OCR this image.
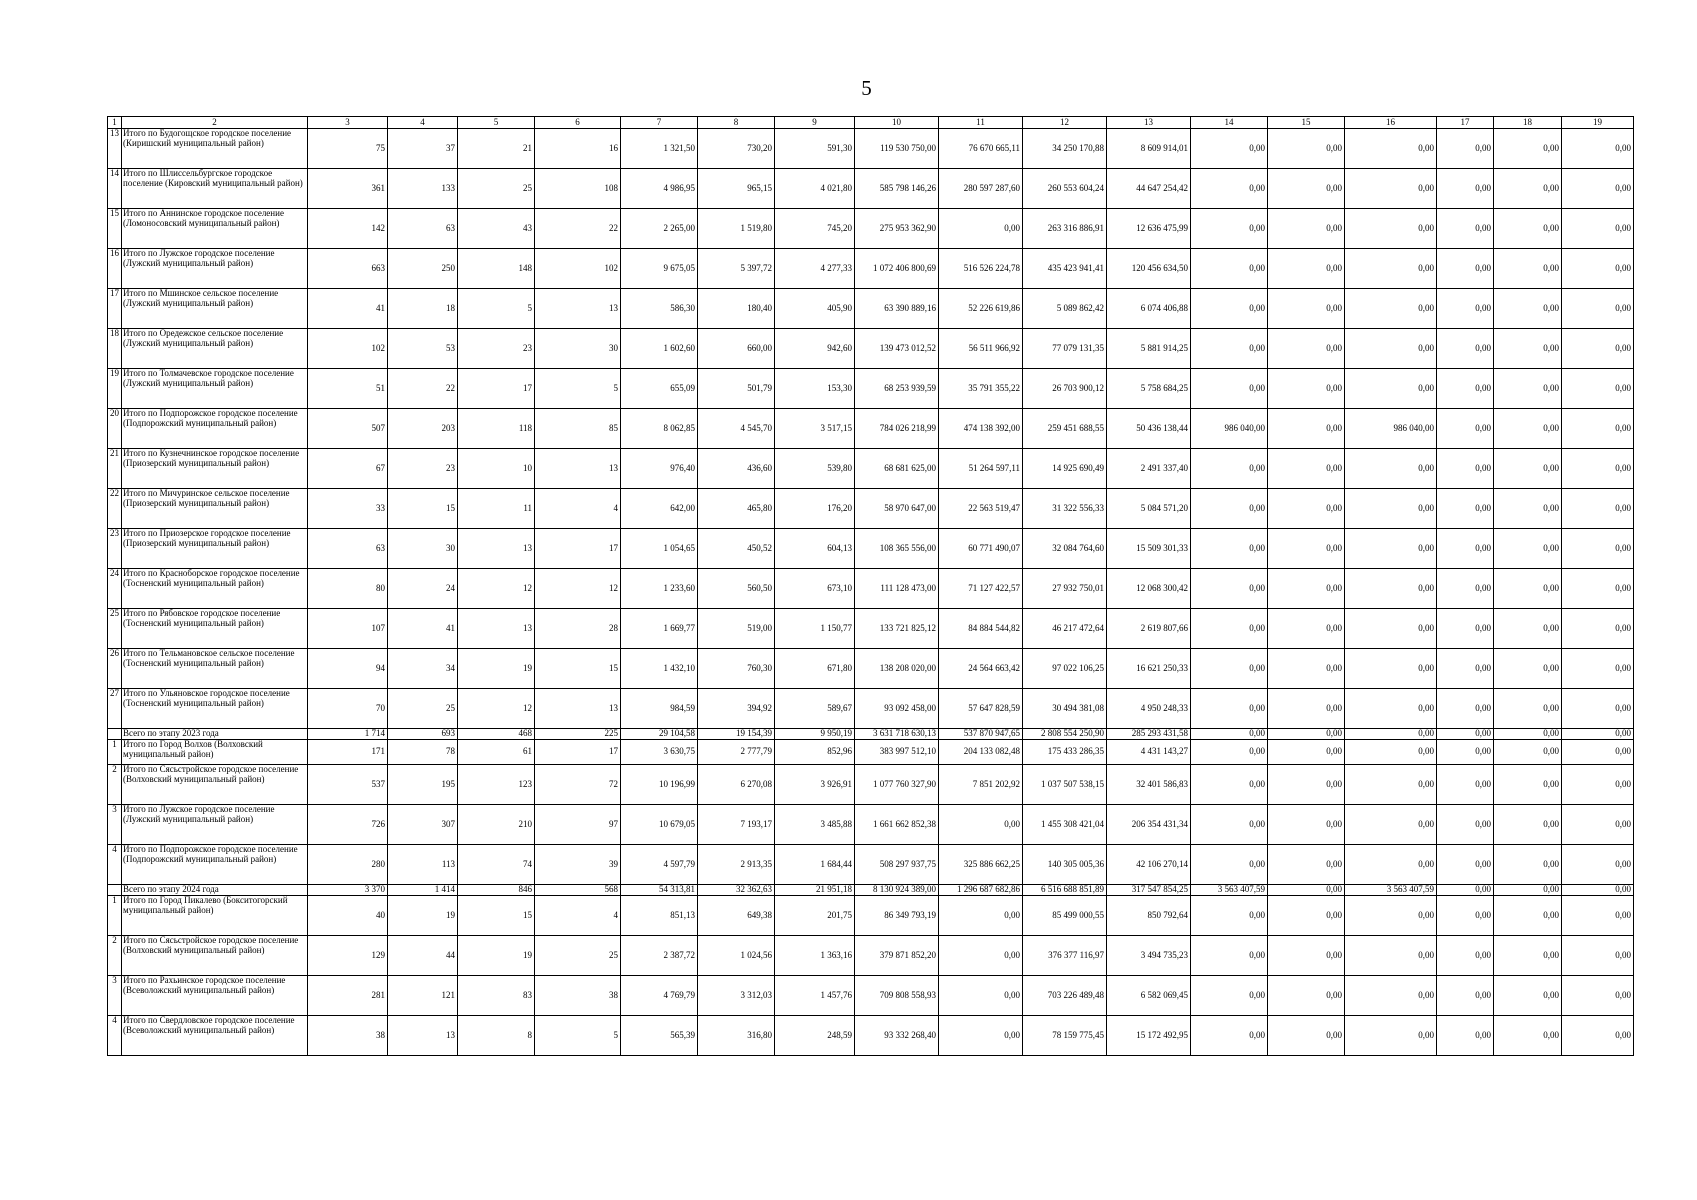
5
1	2	3	4	5	6	7	8	9	10	11	12	13	14	15	16	17	18	19
13	Итого по Будогощское городское поселение (Киришский муниципальный район)	75	37	21	16	1 321,50	730,20	591,30	119 530 750,00	76 670 665,11	34 250 170,88	8 609 914,01	0,00	0,00	0,00	0,00	0,00	0,00
14	Итого по Шлиссельбургское городское поселение (Кировский муниципальный район)	361	133	25	108	4 986,95	965,15	4 021,80	585 798 146,26	280 597 287,60	260 553 604,24	44 647 254,42	0,00	0,00	0,00	0,00	0,00	0,00
15	Итого по Аннинское городское поселение (Ломоносовский муниципальный район)	142	63	43	22	2 265,00	1 519,80	745,20	275 953 362,90	0,00	263 316 886,91	12 636 475,99	0,00	0,00	0,00	0,00	0,00	0,00
16	Итого по Лужское городское поселение (Лужский муниципальный район)	663	250	148	102	9 675,05	5 397,72	4 277,33	1 072 406 800,69	516 526 224,78	435 423 941,41	120 456 634,50	0,00	0,00	0,00	0,00	0,00	0,00
17	Итого по Мшинское сельское поселение (Лужский муниципальный район)	41	18	5	13	586,30	180,40	405,90	63 390 889,16	52 226 619,86	5 089 862,42	6 074 406,88	0,00	0,00	0,00	0,00	0,00	0,00
18	Итого по Оредежское сельское поселение (Лужский муниципальный район)	102	53	23	30	1 602,60	660,00	942,60	139 473 012,52	56 511 966,92	77 079 131,35	5 881 914,25	0,00	0,00	0,00	0,00	0,00	0,00
19	Итого по Толмачевское городское поселение (Лужский муниципальный район)	51	22	17	5	655,09	501,79	153,30	68 253 939,59	35 791 355,22	26 703 900,12	5 758 684,25	0,00	0,00	0,00	0,00	0,00	0,00
20	Итого по Подпорожское городское поселение (Подпорожский муниципальный район)	507	203	118	85	8 062,85	4 545,70	3 517,15	784 026 218,99	474 138 392,00	259 451 688,55	50 436 138,44	986 040,00	0,00	986 040,00	0,00	0,00	0,00
21	Итого по Кузнечнинское городское поселение (Приозерский муниципальный район)	67	23	10	13	976,40	436,60	539,80	68 681 625,00	51 264 597,11	14 925 690,49	2 491 337,40	0,00	0,00	0,00	0,00	0,00	0,00
22	Итого по Мичуринское сельское поселение (Приозерский муниципальный район)	33	15	11	4	642,00	465,80	176,20	58 970 647,00	22 563 519,47	31 322 556,33	5 084 571,20	0,00	0,00	0,00	0,00	0,00	0,00
23	Итого по Приозерское городское поселение (Приозерский муниципальный район)	63	30	13	17	1 054,65	450,52	604,13	108 365 556,00	60 771 490,07	32 084 764,60	15 509 301,33	0,00	0,00	0,00	0,00	0,00	0,00
24	Итого по Красноборское городское поселение (Тосненский муниципальный район)	80	24	12	12	1 233,60	560,50	673,10	111 128 473,00	71 127 422,57	27 932 750,01	12 068 300,42	0,00	0,00	0,00	0,00	0,00	0,00
25	Итого по Рябовское городское поселение (Тосненский муниципальный район)	107	41	13	28	1 669,77	519,00	1 150,77	133 721 825,12	84 884 544,82	46 217 472,64	2 619 807,66	0,00	0,00	0,00	0,00	0,00	0,00
26	Итого по Тельмановское сельское поселение (Тосненский муниципальный район)	94	34	19	15	1 432,10	760,30	671,80	138 208 020,00	24 564 663,42	97 022 106,25	16 621 250,33	0,00	0,00	0,00	0,00	0,00	0,00
27	Итого по Ульяновское городское поселение (Тосненский муниципальный район)	70	25	12	13	984,59	394,92	589,67	93 092 458,00	57 647 828,59	30 494 381,08	4 950 248,33	0,00	0,00	0,00	0,00	0,00	0,00
	Всего по этапу 2023 года	1 714	693	468	225	29 104,58	19 154,39	9 950,19	3 631 718 630,13	537 870 947,65	2 808 554 250,90	285 293 431,58	0,00	0,00	0,00	0,00	0,00	0,00
1	Итого по Город Волхов (Волховский муниципальный район)	171	78	61	17	3 630,75	2 777,79	852,96	383 997 512,10	204 133 082,48	175 433 286,35	4 431 143,27	0,00	0,00	0,00	0,00	0,00	0,00
2	Итого по Сясьстройское городское поселение (Волховский муниципальный район)	537	195	123	72	10 196,99	6 270,08	3 926,91	1 077 760 327,90	7 851 202,92	1 037 507 538,15	32 401 586,83	0,00	0,00	0,00	0,00	0,00	0,00
3	Итого по Лужское городское поселение (Лужский муниципальный район)	726	307	210	97	10 679,05	7 193,17	3 485,88	1 661 662 852,38	0,00	1 455 308 421,04	206 354 431,34	0,00	0,00	0,00	0,00	0,00	0,00
4	Итого по Подпорожское городское поселение (Подпорожский муниципальный район)	280	113	74	39	4 597,79	2 913,35	1 684,44	508 297 937,75	325 886 662,25	140 305 005,36	42 106 270,14	0,00	0,00	0,00	0,00	0,00	0,00
	Всего по этапу 2024 года	3 370	1 414	846	568	54 313,81	32 362,63	21 951,18	8 130 924 389,00	1 296 687 682,86	6 516 688 851,89	317 547 854,25	3 563 407,59	0,00	3 563 407,59	0,00	0,00	0,00
1	Итого по Город Пикалево (Бокситогорский муниципальный район)	40	19	15	4	851,13	649,38	201,75	86 349 793,19	0,00	85 499 000,55	850 792,64	0,00	0,00	0,00	0,00	0,00	0,00
2	Итого по Сясьстройское городское поселение (Волховский муниципальный район)	129	44	19	25	2 387,72	1 024,56	1 363,16	379 871 852,20	0,00	376 377 116,97	3 494 735,23	0,00	0,00	0,00	0,00	0,00	0,00
3	Итого по Рахьинское городское поселение (Всеволожский муниципальный район)	281	121	83	38	4 769,79	3 312,03	1 457,76	709 808 558,93	0,00	703 226 489,48	6 582 069,45	0,00	0,00	0,00	0,00	0,00	0,00
4	Итого по Свердловское городское поселение (Всеволожский муниципальный район)	38	13	8	5	565,39	316,80	248,59	93 332 268,40	0,00	78 159 775,45	15 172 492,95	0,00	0,00	0,00	0,00	0,00	0,00
